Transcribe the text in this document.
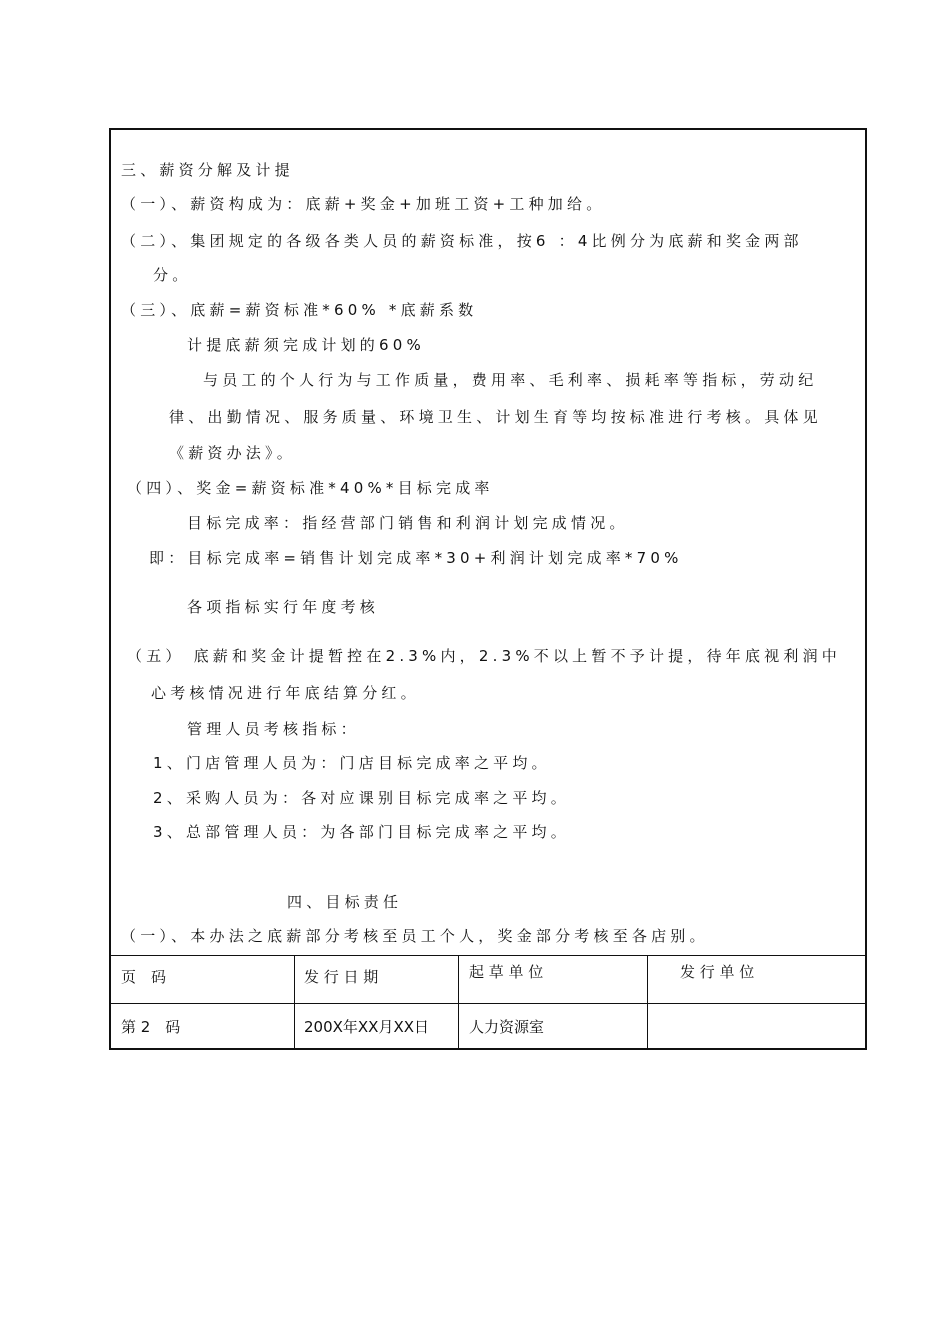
三、薪资分解及计提
（一）、薪资构成为：底薪+奖金+加班工资+工种加给。
（二）、集团规定的各级各类人员的薪资标准，按6 ：4比例分为底薪和奖金两部
分。
（三）、底薪=薪资标准*60% *底薪系数
计提底薪须完成计划的60%
与员工的个人行为与工作质量，费用率、毛利率、损耗率等指标，劳动纪
律、出勤情况、服务质量、环境卫生、计划生育等均按标准进行考核。具体见
《薪资办法》。
（四）、奖金=薪资标准*40%*目标完成率
目标完成率：指经营部门销售和利润计划完成情况。
即：目标完成率=销售计划完成率*30+利润计划完成率*70%
各项指标实行年度考核
（五） 底薪和奖金计提暂控在2.3%内，2.3%不以上暂不予计提，待年底视利润中
心考核情况进行年底结算分红。
管理人员考核指标：
1、门店管理人员为：门店目标完成率之平均。
2、采购人员为：各对应课别目标完成率之平均。
3、总部管理人员：为各部门目标完成率之平均。
四、目标责任
（一）、本办法之底薪部分考核至员工个人，奖金部分考核至各店别。
页　码	发 行 日 期	起 草 单 位	发 行 单 位
第 2　码	200X年XX月XX日	人力资源室
